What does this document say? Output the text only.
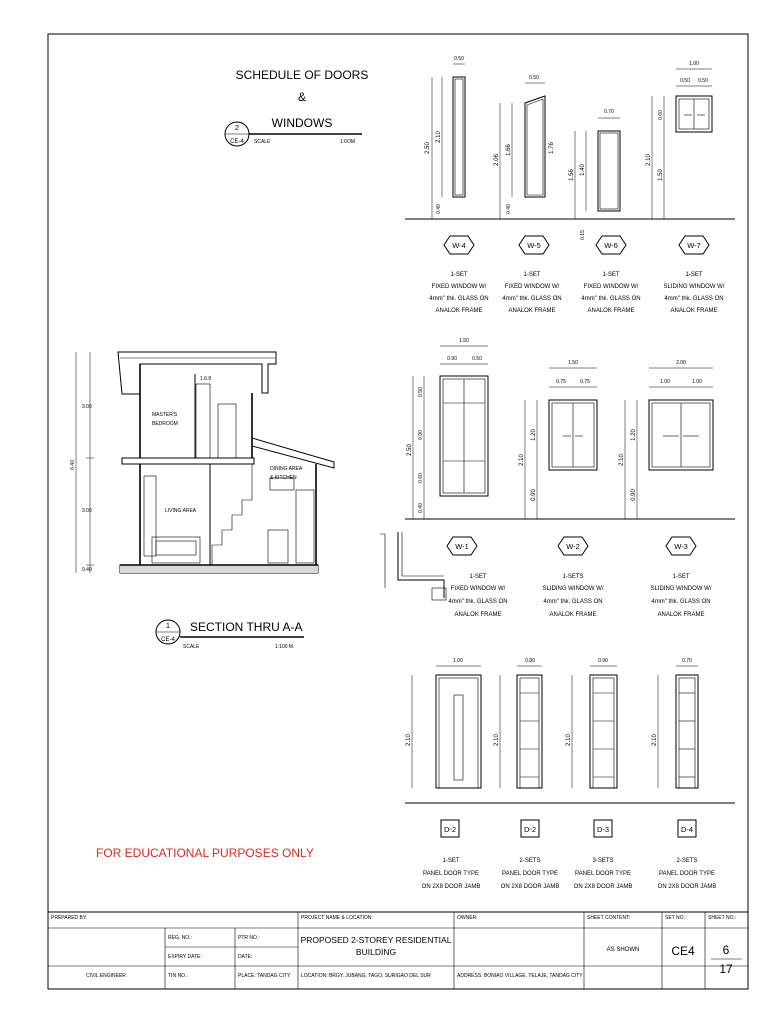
SCHEDULE OF DOORS
&
WINDOWS
2
CE-4 SCALE	1:6OM
0.50
2.50
2.10
0.40
0.50
2.06
1.66	1.76
0.40
0.70
1.56 1.40
0.15
1.00
0.50 0.50
2.10
0.60
1.50
W-4
1-SET
FIXED WINDOW W/
4mm" thk. GLASS ON
ANALOK FRAME
W-5
1-SET
FIXED WINDOW W/
4mm" thk. GLASS ON
ANALOK FRAME
W-6
1-SET
FIXED WINDOW W/
4mm" thk. GLASS ON
ANALOK FRAME
W-7
1-SET
SLIDING WINDOW W/
4mm" thk. GLASS ON
ANALOK FRAME
1.50
0.90	0.50
2.50
0.50
0.90
0.60
0.40
1.50
0.75	0.75
2.10
1.20
0.90
2.00
1.00	1.00
2.10
1.20
0.90
W-1
1-SET
FIXED WINDOW W/
4mm" thk. GLASS ON
ANALOK FRAME
W-2
1-SETS
SLIDING WINDOW W/
4mm" thk. GLASS ON
ANALOK FRAME
W-3
1-SET
SLIDING WINDOW W/
4mm" thk. GLASS ON
ANALOK FRAME
1.00
2.10
0.80
2.10
0.90
2.10
0.70
2.10
D-2
1-SET
PANEL DOOR TYPE
ON 2X8 DOOR JAMB
D-2
2-SETS
PANEL DOOR TYPE
ON 2X8 DOOR JAMB
D-3
3-SETS
PANEL DOOR TYPE
ON 2X8 DOOR JAMB
D-4
2-SETS
PANEL DOOR TYPE
ON 2X8 DOOR JAMB
1.6.8
MASTER'S
BEDROOM
DINING AREA
& KITCHEN
LIVING AREA
6.40
3.00
3.00
0.40
1
CE-4
SECTION THRU A-A
SCALE	1:100 M.
FOR EDUCATIONAL PURPOSES ONLY
PREPARED BY:
REG. NO.:	PTR NO.:
EXPIRY DATE:	DATE:
CIVIL ENGINEER	TIN NO.:	PLACE: TANDAG CITY
PROJECT NAME & LOCATION:
PROPOSED 2-STOREY RESIDENTIAL
BUILDING
LOCATION: BRGY. JUBANG, TAGO, SURIGAO DEL SUR
OWNER:
ADDRESS: BONIAO VILLAGE, TELAJE, TANDAG CITY
SHEET CONTENT:
AS SHOWN
SET NO.:
CE4
SHEET NO.:
6
17
